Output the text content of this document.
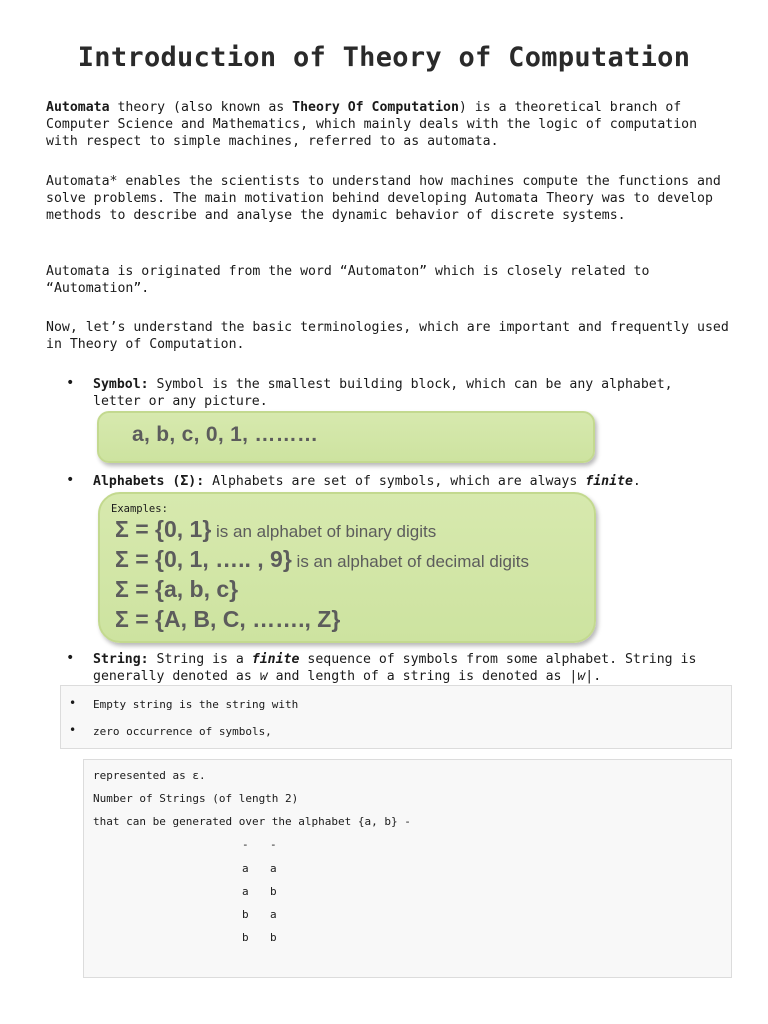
Introduction of Theory of Computation

Automata theory (also known as Theory Of Computation) is a theoretical branch of Computer Science and Mathematics, which mainly deals with the logic of computation with respect to simple machines, referred to as automata.

Automata* enables the scientists to understand how machines compute the functions and solve problems. The main motivation behind developing Automata Theory was to develop methods to describe and analyse the dynamic behavior of discrete systems.

Automata is originated from the word “Automaton” which is closely related to “Automation”.

Now, let’s understand the basic terminologies, which are important and frequently used in Theory of Computation.

• Symbol: Symbol is the smallest building block, which can be any alphabet, letter or any picture.

a, b, c, 0, 1, ………
• Alphabets (Σ): Alphabets are set of symbols, which are always finite.

Examples:
Σ = {0, 1} is an alphabet of binary digits
Σ = {0, 1, ….. , 9} is an alphabet of decimal digits
Σ = {a, b, c}
Σ = {A, B, C, ……., Z}
• String: String is a finite sequence of symbols from some alphabet. String is generally denoted as w and length of a string is denoted as |w|.

• Empty string is the string with
• zero occurrence of symbols,
represented as ε.
Number of Strings (of length 2)
that can be generated over the alphabet {a, b} -
- -
a a
a b
b a
b b
